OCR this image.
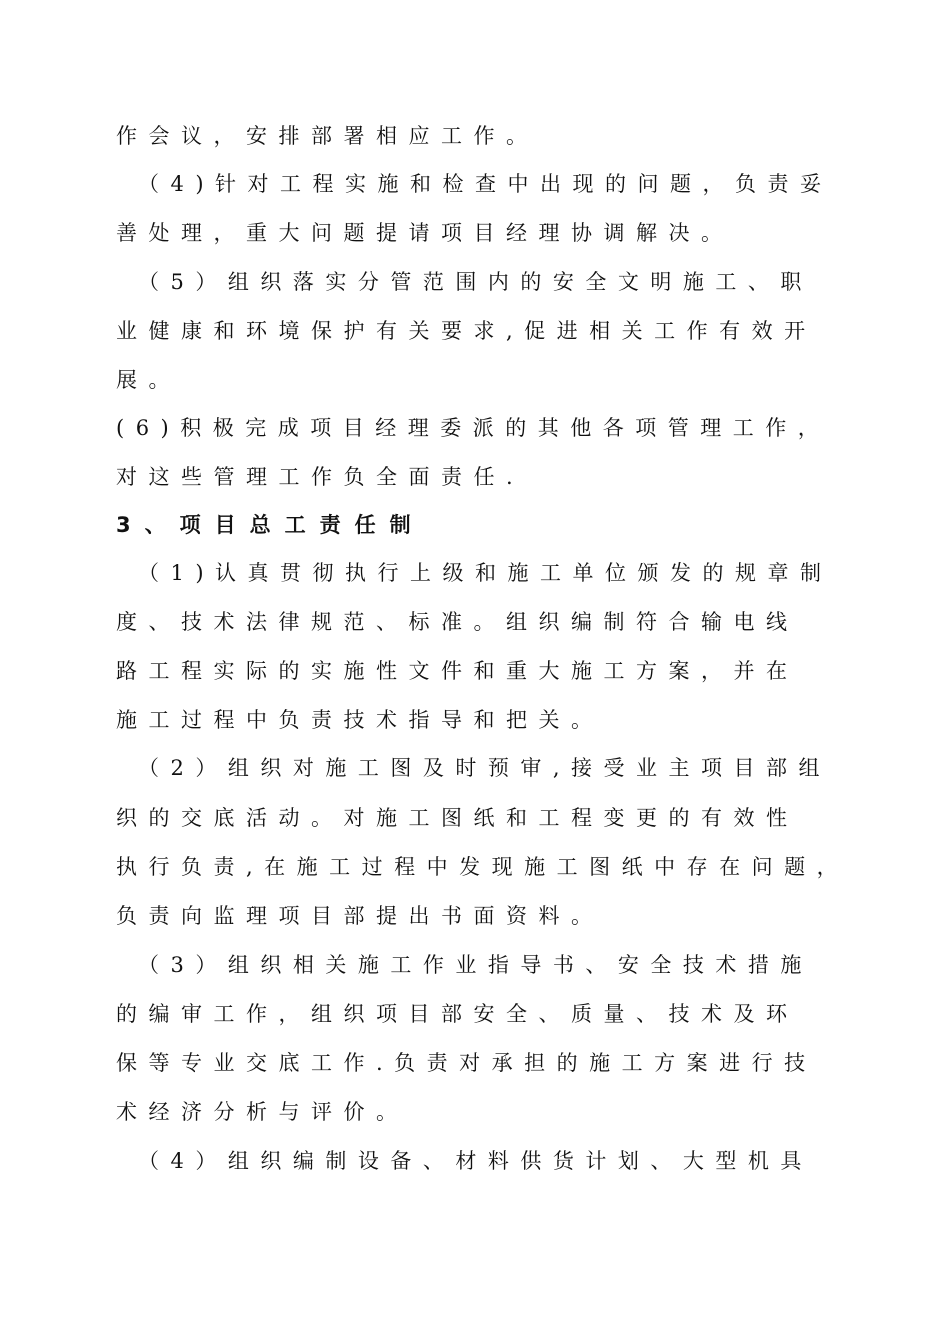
作会议，安排部署相应工作。
（4)针对工程实施和检查中出现的问题，负责妥
善处理，重大问题提请项目经理协调解决。
（5）组织落实分管范围内的安全文明施工、职
业健康和环境保护有关要求,促进相关工作有效开
展。
(6)积极完成项目经理委派的其他各项管理工作，
对这些管理工作负全面责任.
3、项目总工责任制
（1)认真贯彻执行上级和施工单位颁发的规章制
度、技术法律规范、标准。组织编制符合输电线
路工程实际的实施性文件和重大施工方案，并在
施工过程中负责技术指导和把关。
（2）组织对施工图及时预审,接受业主项目部组
织的交底活动。对施工图纸和工程变更的有效性
执行负责,在施工过程中发现施工图纸中存在问题，
负责向监理项目部提出书面资料。
（3）组织相关施工作业指导书、安全技术措施
的编审工作，组织项目部安全、质量、技术及环
保等专业交底工作.负责对承担的施工方案进行技
术经济分析与评价。
（4）组织编制设备、材料供货计划、大型机具
